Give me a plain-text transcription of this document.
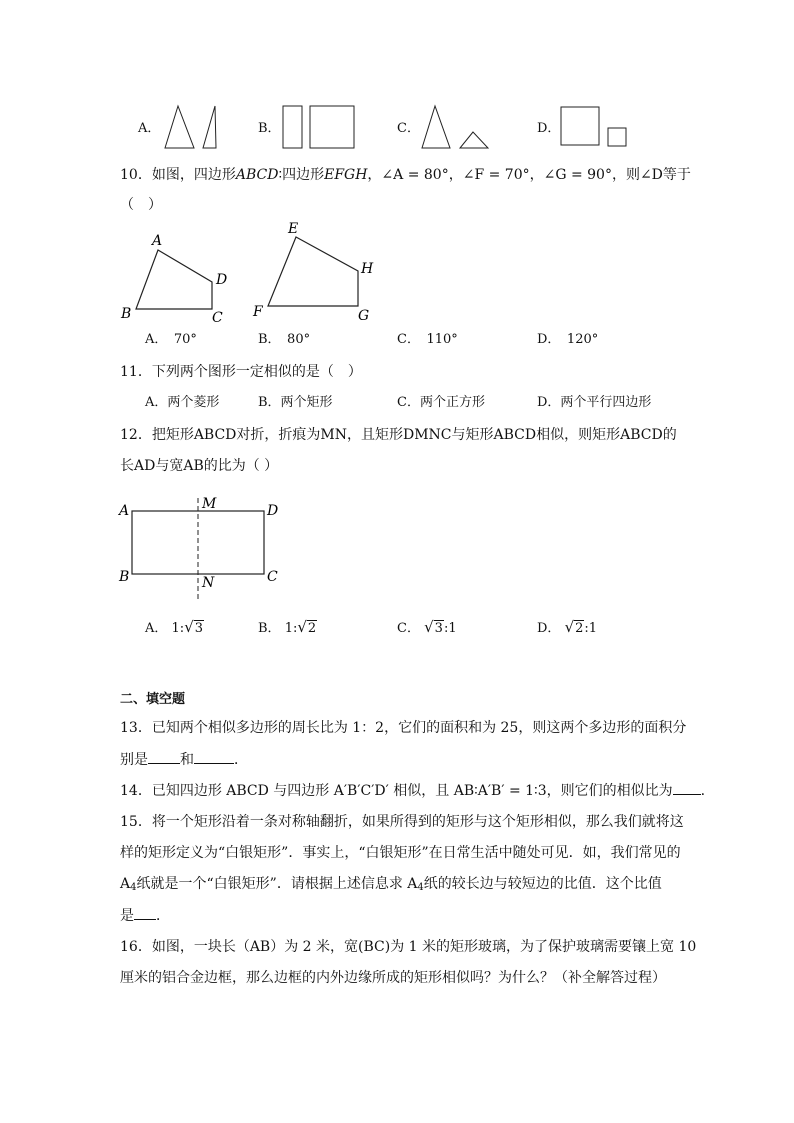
A．	B．	C．	D．
10．如图，四边形ABCD∶四边形EFGH，∠A = 80°，∠F = 70°，∠G = 90°，则∠D等于
（　）
A
D
B	C
E
H
F	G
A．　70°	B．　80°	C．　110°	D．　120°
11．下列两个图形一定相似的是（　）
A．两个菱形	B．两个矩形	C．两个正方形	D．两个平行四边形
12．把矩形ABCD对折，折痕为MN，且矩形DMNC与矩形ABCD相似，则矩形ABCD的
长AD与宽AB的比为（ ）
A	M	D
B	N	C
A． 1:√3	B． 1:√2	C． √3:1	D． √2:1
二、填空题
13．已知两个相似多边形的周长比为 1：2，它们的面积和为 25，则这两个多边形的面积分
别是 和	．
14．已知四边形 ABCD 与四边形 A′B′C′D′ 相似，且 AB∶A′B′ = 1∶3，则它们的相似比为 .
15．将一个矩形沿着一条对称轴翻折，如果所得到的矩形与这个矩形相似，那么我们就将这
样的矩形定义为“白银矩形”．事实上，“白银矩形”在日常生活中随处可见．如，我们常见的
$A_4$纸就是一个“白银矩形”．请根据上述信息求 $A_4$纸的较长边与较短边的比值．这个比值
是 ．
16．如图，一块长（AB）为 2 米，宽(BC)为 1 米的矩形玻璃，为了保护玻璃需要镶上宽 10
厘米的铝合金边框，那么边框的内外边缘所成的矩形相似吗？为什么？（补全解答过程）
